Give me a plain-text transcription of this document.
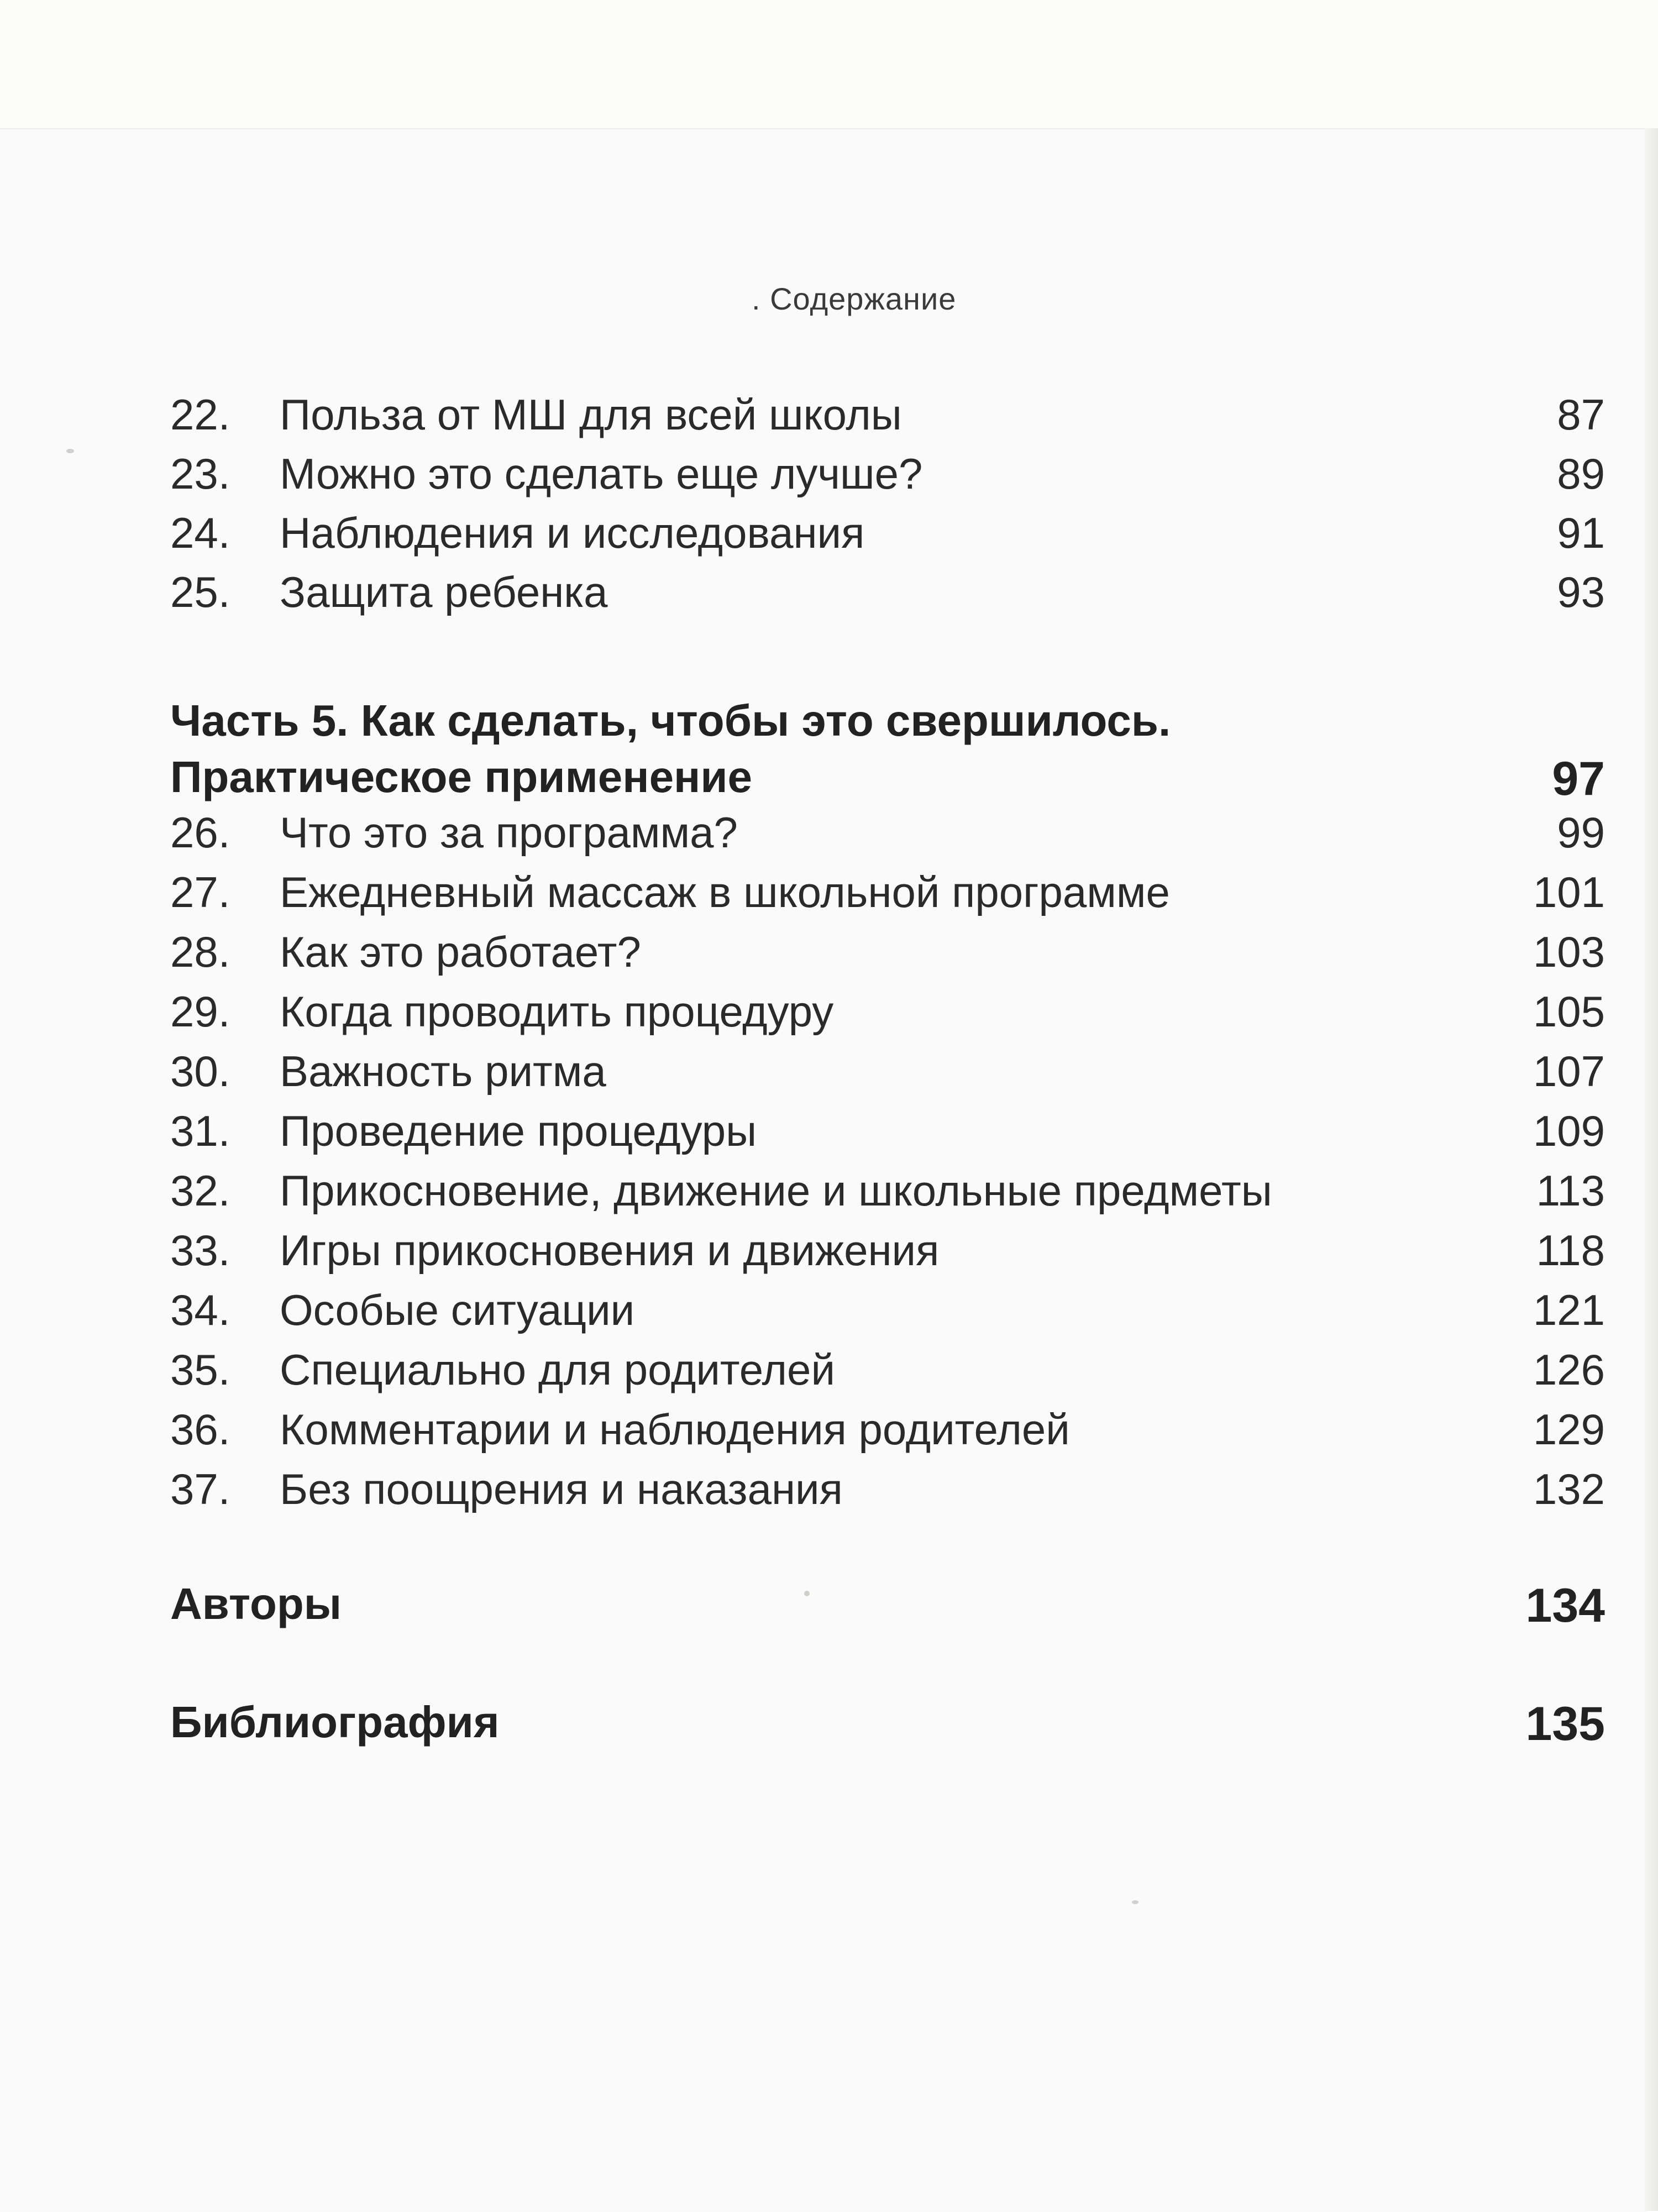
. Содержание
22. Польза от МШ для всей школы	87
23. Можно это сделать еще лучше?	89
24. Наблюдения и исследования	91
25. Защита ребенка	93
Часть 5. Как сделать, чтобы это свершилось.
Практическое применение	97
26. Что это за программа?	99
27. Ежедневный массаж в школьной программе	101
28. Как это работает?	103
29. Когда проводить процедуру	105
30. Важность ритма	107
31. Проведение процедуры	109
32. Прикосновение, движение и школьные предметы	113
33. Игры прикосновения и движения	118
34. Особые ситуации	121
35. Специально для родителей	126
36. Комментарии и наблюдения родителей	129
37. Без поощрения и наказания	132
Авторы	134
Библиография	135
